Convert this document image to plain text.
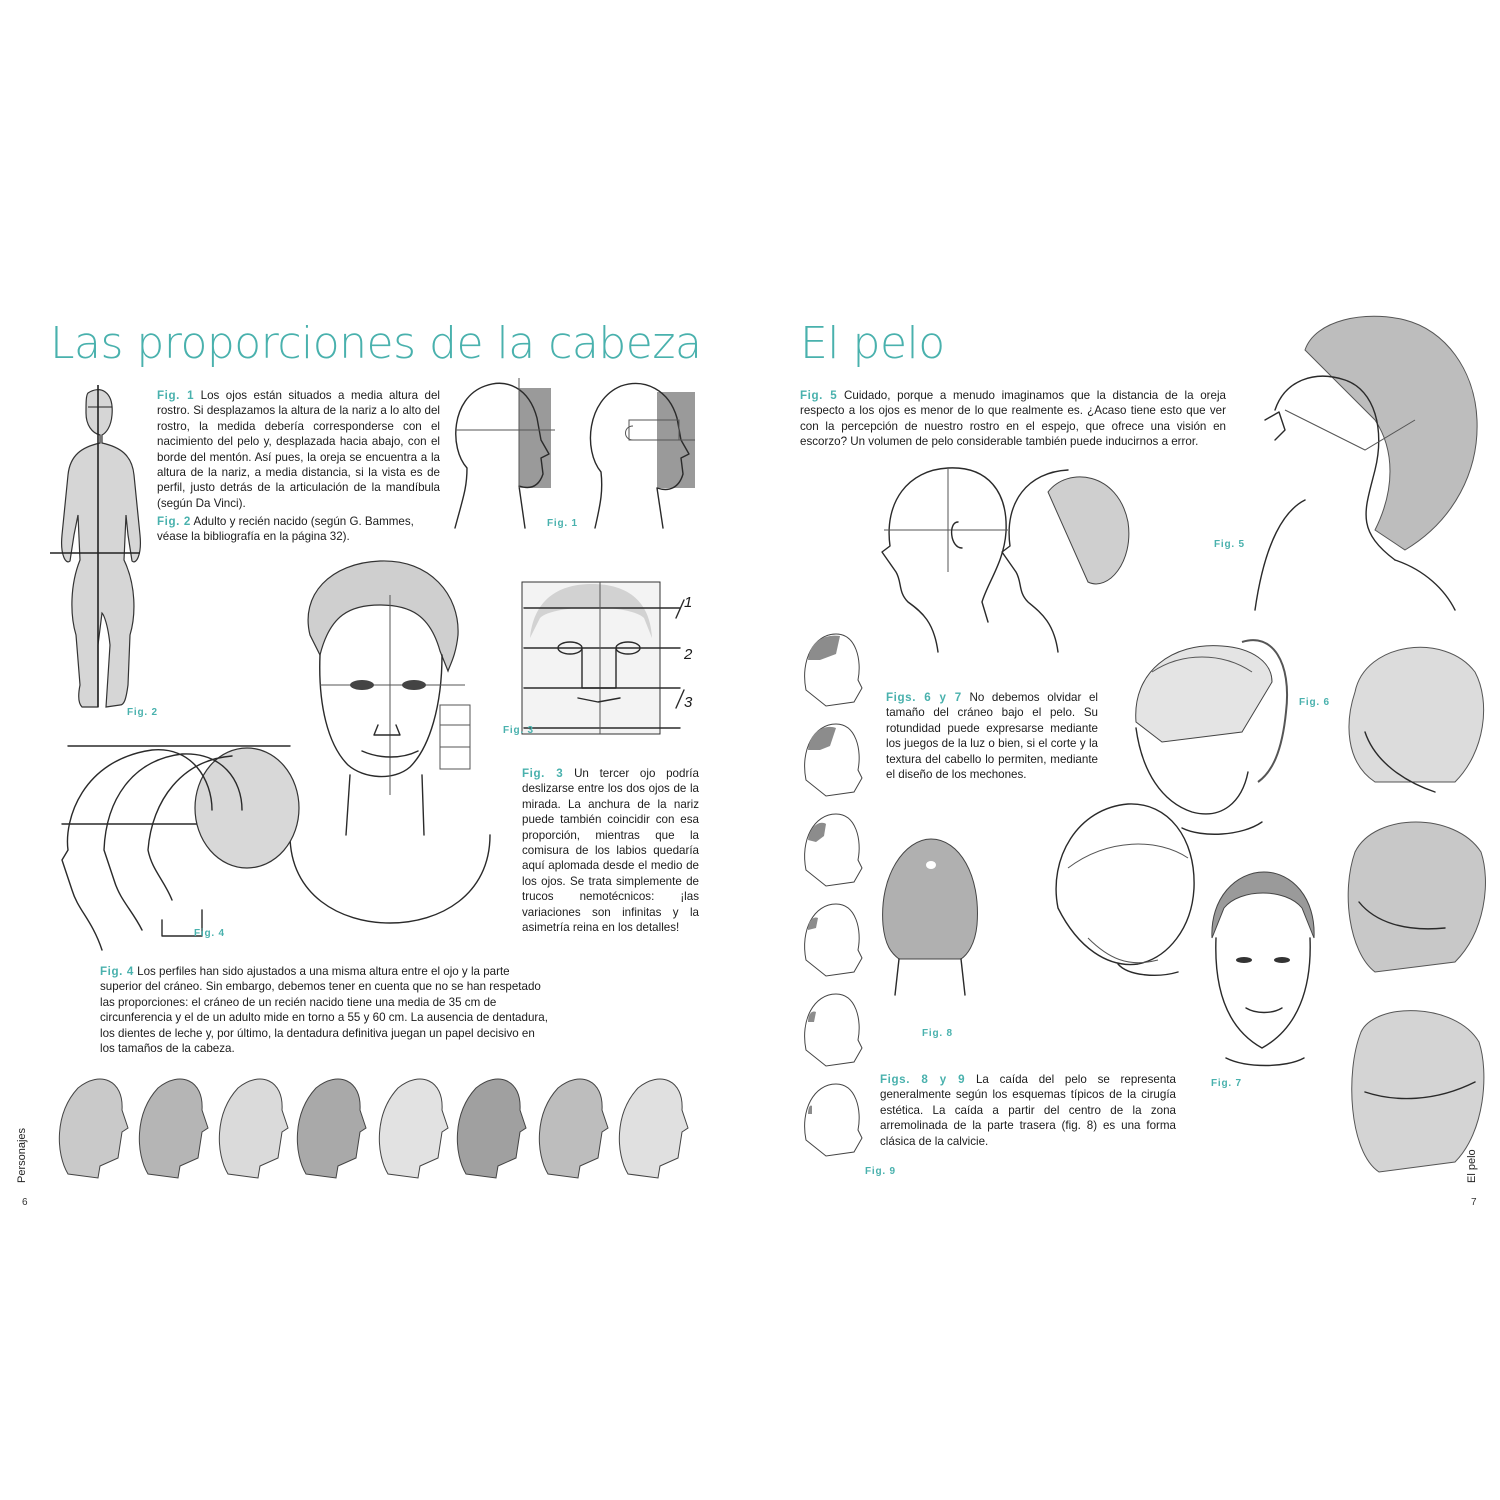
Las proporciones de la cabeza
Fig. 2
Fig. 1 Los ojos están situados a media altura del rostro. Si desplazamos la altura de la nariz a lo alto del rostro, la medida debería corresponderse con el nacimiento del pelo y, desplazada hacia abajo, con el borde del mentón. Así pues, la oreja se encuentra a la altura de la nariz, a media distancia, si la vista es de perfil, justo detrás de la articulación de la mandíbula (según Da Vinci).
Fig. 2 Adulto y recién nacido (según G. Bammes, véase la bibliografía en la página 32).
Fig. 1
1
2
3
Fig. 3
Fig. 3 Un tercer ojo podría deslizarse entre los dos ojos de la mirada. La anchura de la nariz puede también coincidir con esa proporción, mientras que la comisura de los labios quedaría aquí aplomada desde el medio de los ojos. Se trata simplemente de trucos nemotécnicos: ¡las variaciones son infinitas y la asimetría reina en los detalles!
Fig. 4
Fig. 4 Los perfiles han sido ajustados a una misma altura entre el ojo y la parte superior del cráneo. Sin embargo, debemos tener en cuenta que no se han respetado las proporciones: el cráneo de un recién nacido tiene una media de 35 cm de circunferencia y el de un adulto mide en torno a 55 y 60 cm. La ausencia de dentadura, los dientes de leche y, por último, la dentadura definitiva juegan un papel decisivo en los tamaños de la cabeza.
Personajes
6
El pelo
Fig. 5 Cuidado, porque a menudo imaginamos que la distancia de la oreja respecto a los ojos es menor de lo que realmente es. ¿Acaso tiene esto que ver con la percepción de nuestro rostro en el espejo, que ofrece una visión en escorzo? Un volumen de pelo considerable también puede inducirnos a error.
Fig. 5
Fig. 9
Figs. 6 y 7 No debemos olvidar el tamaño del cráneo bajo el pelo. Su rotundidad puede expresarse mediante los juegos de la luz o bien, si el corte y la textura del cabello lo permiten, mediante el diseño de los mechones.
Fig. 6
Fig. 8
Fig. 7
Figs. 8 y 9 La caída del pelo se representa generalmente según los esquemas típicos de la cirugía estética. La caída a partir del centro de la zona arremolinada de la parte trasera (fig. 8) es una forma clásica de la calvicie.
El pelo
7
